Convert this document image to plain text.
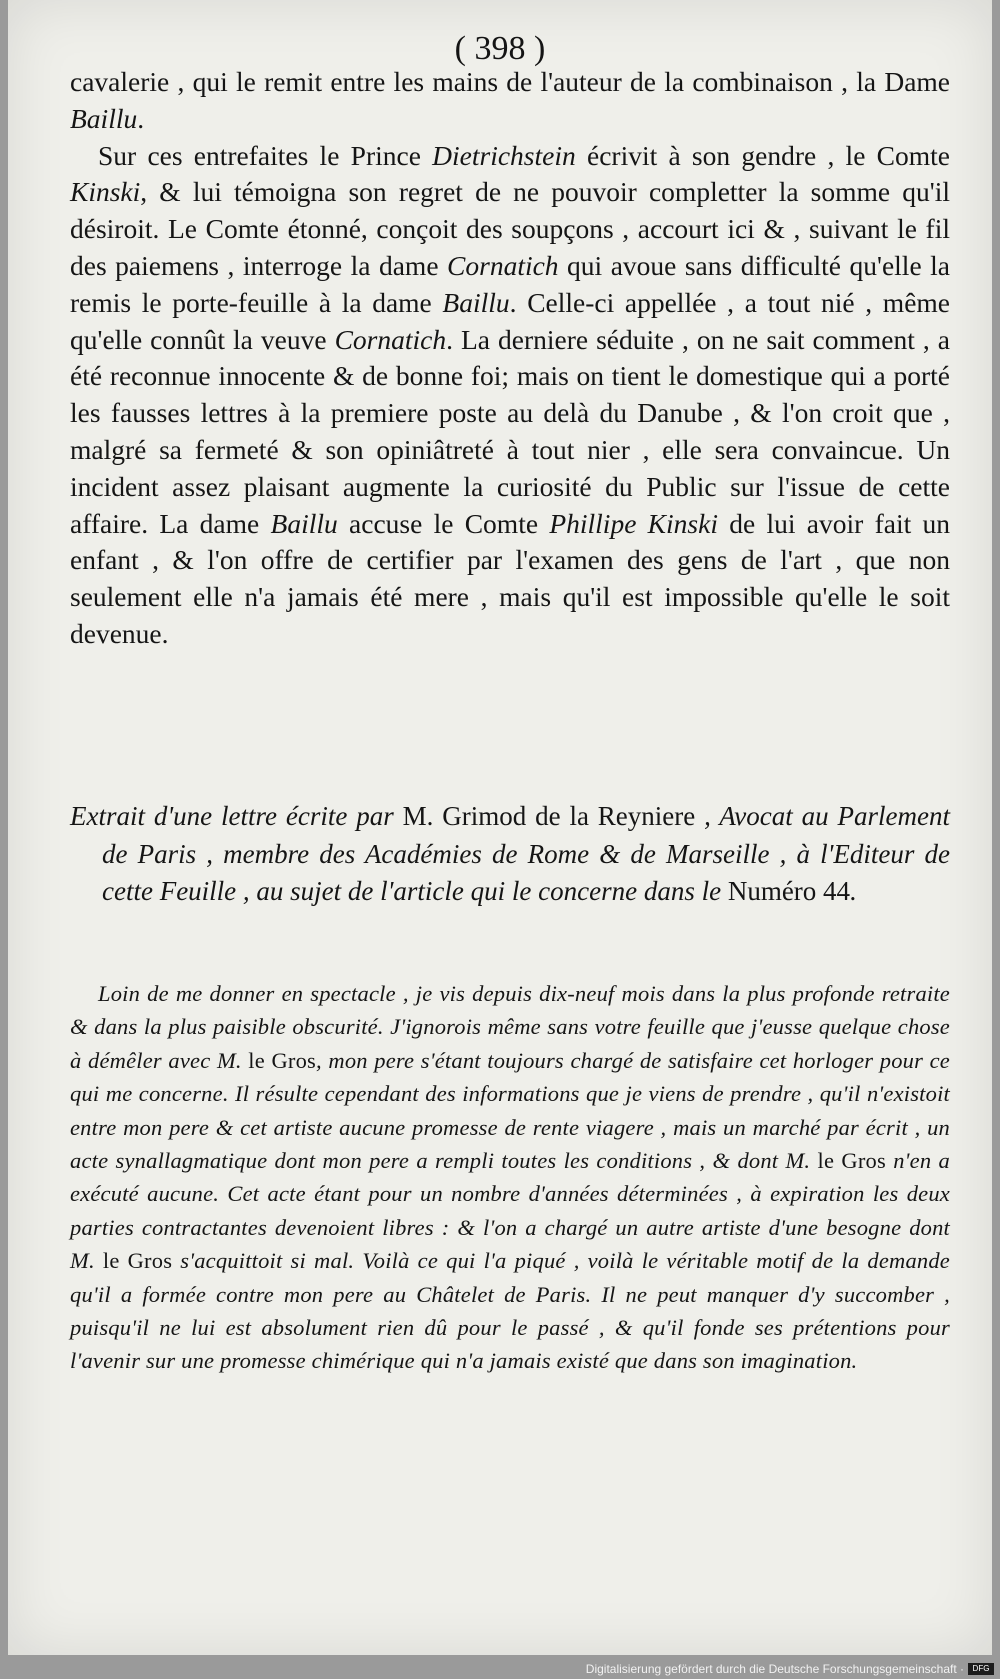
( 398 )

cavalerie , qui le remit entre les mains de l'auteur de la combinaison , la Dame Baillu.

Sur ces entrefaites le Prince Dietrichstein écrivit à son gendre , le Comte Kinski, & lui témoigna son regret de ne pouvoir completter la somme qu'il désiroit. Le Comte étonné, conçoit des soupçons , accourt ici & , suivant le fil des paiemens , interroge la dame Cornatich qui avoue sans difficulté qu'elle la remis le porte-feuille à la dame Baillu. Celle-ci appellée , a tout nié , même qu'elle connût la veuve Cornatich. La derniere séduite , on ne sait comment , a été reconnue innocente & de bonne foi; mais on tient le domestique qui a porté les fausses lettres à la premiere poste au delà du Danube , & l'on croit que , malgré sa fermeté & son opiniâtreté à tout nier , elle sera convaincue. Un incident assez plaisant augmente la curiosité du Public sur l'issue de cette affaire. La dame Baillu accuse le Comte Phillipe Kinski de lui avoir fait un enfant , & l'on offre de certifier par l'examen des gens de l'art , que non seulement elle n'a jamais été mere , mais qu'il est impossible qu'elle le soit devenue.

Extrait d'une lettre écrite par M. Grimod de la Reyniere , Avocat au Parlement de Paris , membre des Académies de Rome & de Marseille , à l'Editeur de cette Feuille , au sujet de l'article qui le concerne dans le Numéro 44.

Loin de me donner en spectacle , je vis depuis dix-neuf mois dans la plus profonde retraite & dans la plus paisible obscurité. J'ignorois même sans votre feuille que j'eusse quelque chose à démêler avec M. le Gros, mon pere s'étant toujours chargé de satisfaire cet horloger pour ce qui me concerne. Il résulte cependant des informations que je viens de prendre , qu'il n'existoit entre mon pere & cet artiste aucune promesse de rente viagere , mais un marché par écrit , un acte synallagmatique dont mon pere a rempli toutes les conditions , & dont M. le Gros n'en a exécuté aucune. Cet acte étant pour un nombre d'années déterminées , à expiration les deux parties contractantes devenoient libres : & l'on a chargé un autre artiste d'une besogne dont M. le Gros s'acquittoit si mal. Voilà ce qui l'a piqué , voilà le véritable motif de la demande qu'il a formée contre mon pere au Châtelet de Paris. Il ne peut manquer d'y succomber , puisqu'il ne lui est absolument rien dû pour le passé , & qu'il fonde ses prétentions pour l'avenir sur une promesse chimérique qui n'a jamais existé que dans son imagination.

Digitalisierung gefördert durch die Deutsche Forschungsgemeinschaft ·	DFG
